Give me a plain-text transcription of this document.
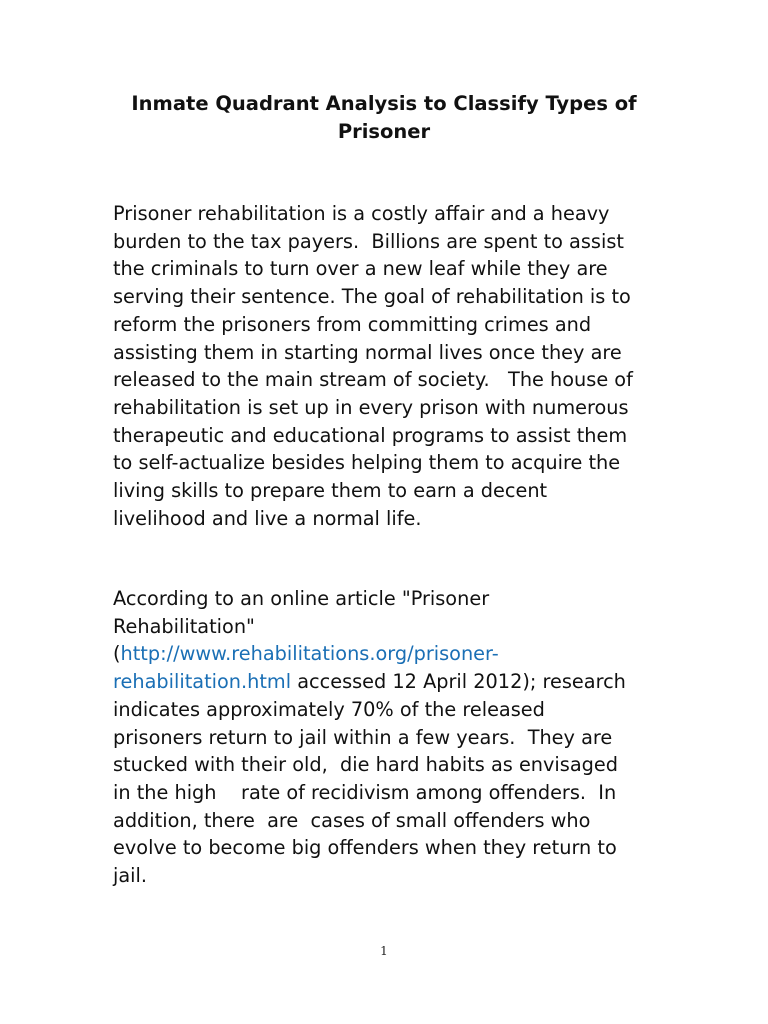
Inmate Quadrant Analysis to Classify Types of
Prisoner

Prisoner rehabilitation is a costly affair and a heavy
burden to the tax payers.  Billions are spent to assist
the criminals to turn over a new leaf while they are
serving their sentence. The goal of rehabilitation is to
reform the prisoners from committing crimes and
assisting them in starting normal lives once they are
released to the main stream of society.   The house of
rehabilitation is set up in every prison with numerous
therapeutic and educational programs to assist them
to self-actualize besides helping them to acquire the
living skills to prepare them to earn a decent
livelihood and live a normal life.

According to an online article "Prisoner
Rehabilitation"
(http://www.rehabilitations.org/prisoner-
rehabilitation.html accessed 12 April 2012); research
indicates approximately 70% of the released
prisoners return to jail within a few years.  They are
stucked with their old,  die hard habits as envisaged
in the high    rate of recidivism among offenders.  In
addition, there  are  cases of small offenders who
evolve to become big offenders when they return to
jail.

1
